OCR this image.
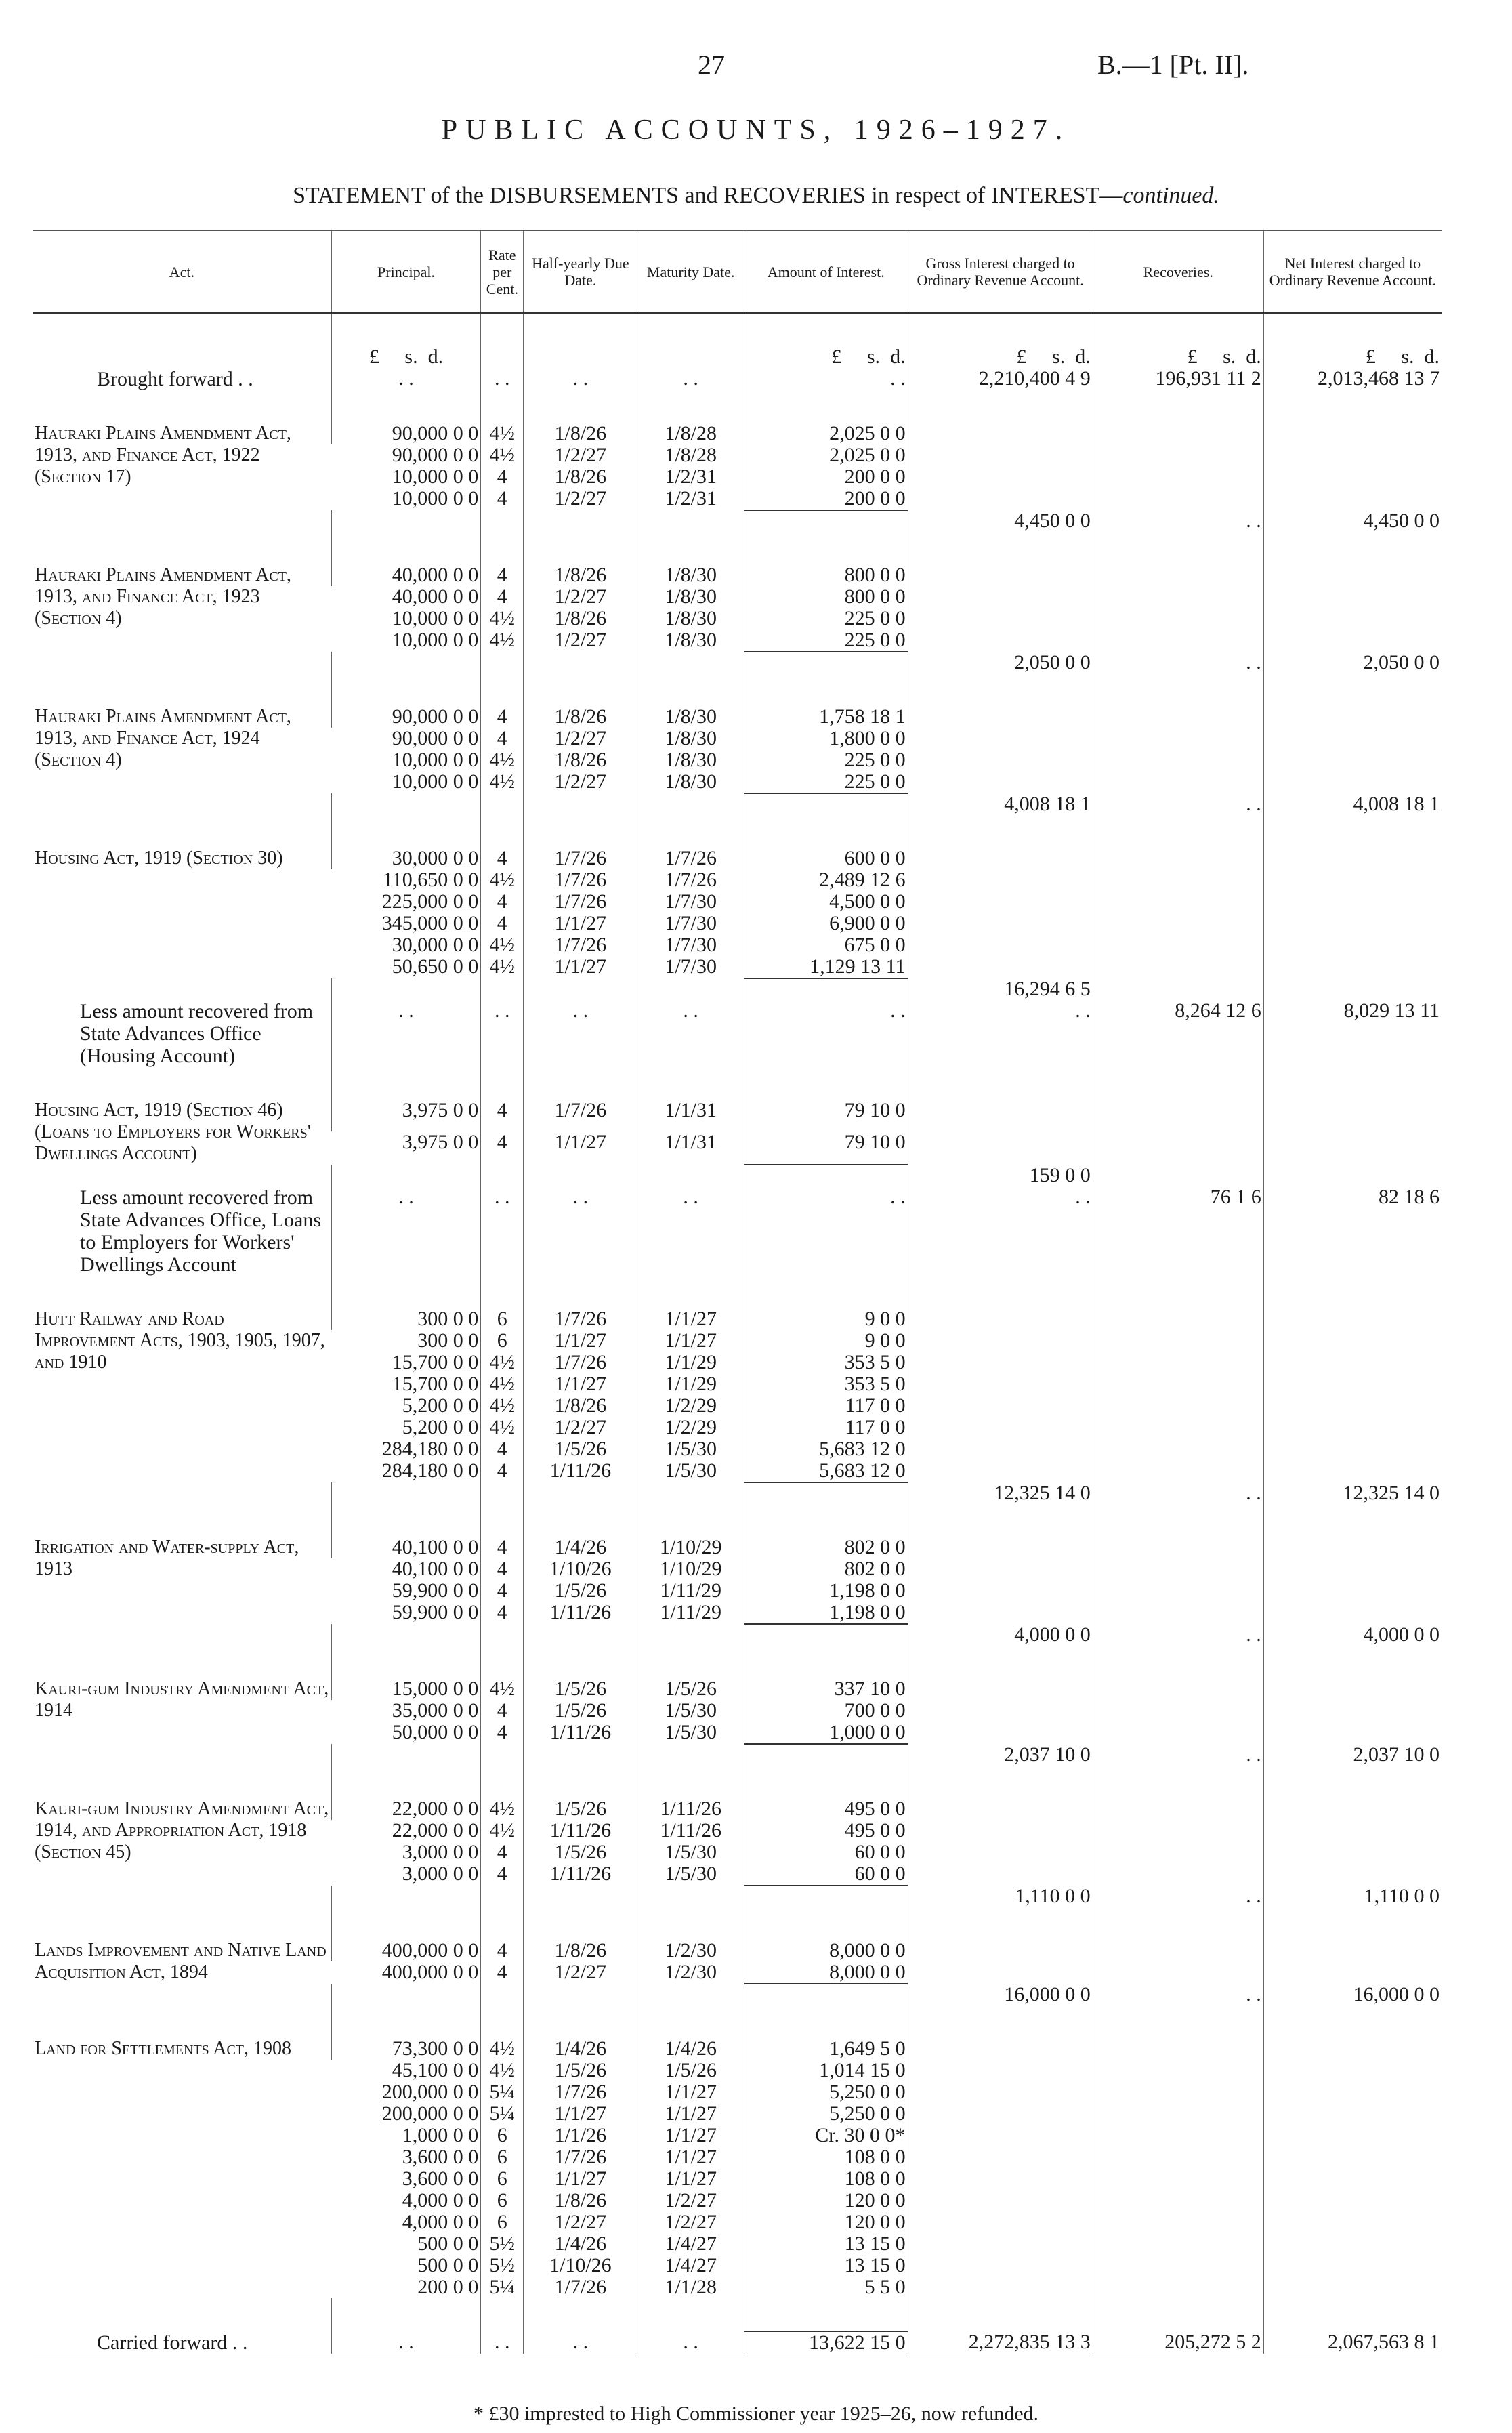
27	B.—1 [Pt. II].
PUBLIC ACCOUNTS, 1926–1927.
STATEMENT of the DISBURSEMENTS and RECOVERIES in respect of INTEREST—continued.
Act.	Principal.	Rate per Cent.	Half-yearly Due Date.	Maturity Date.	Amount of Interest.	Gross Interest charged to Ordinary Revenue Account.	Recoveries.	Net Interest charged to Ordinary Revenue Account.

	£ s. d.				£ s. d.	£ s. d.	£ s. d.	£ s. d.
Brought forward . .	. .	. .	. .	. .	. .	2,210,400 4 9	196,931 11 2	2,013,468 13 7

Hauraki Plains Amendment Act, 1913, and Finance Act, 1922 (Section 17)	90,000 0 0	4½	1/8/26	1/8/28	2,025 0 0			
	90,000 0 0	4½	1/2/27	1/8/28	2,025 0 0			
	10,000 0 0	4	1/8/26	1/2/31	200 0 0			
	10,000 0 0	4	1/2/27	1/2/31	200 0 0			
						4,450 0 0	. .	4,450 0 0

Hauraki Plains Amendment Act, 1913, and Finance Act, 1923 (Section 4)	40,000 0 0	4	1/8/26	1/8/30	800 0 0			
	40,000 0 0	4	1/2/27	1/8/30	800 0 0			
	10,000 0 0	4½	1/8/26	1/8/30	225 0 0			
	10,000 0 0	4½	1/2/27	1/8/30	225 0 0			
						2,050 0 0	. .	2,050 0 0

Hauraki Plains Amendment Act, 1913, and Finance Act, 1924 (Section 4)	90,000 0 0	4	1/8/26	1/8/30	1,758 18 1			
	90,000 0 0	4	1/2/27	1/8/30	1,800 0 0			
	10,000 0 0	4½	1/8/26	1/8/30	225 0 0			
	10,000 0 0	4½	1/2/27	1/8/30	225 0 0			
						4,008 18 1	. .	4,008 18 1

Housing Act, 1919 (Section 30)	30,000 0 0	4	1/7/26	1/7/26	600 0 0			
	110,650 0 0	4½	1/7/26	1/7/26	2,489 12 6			
	225,000 0 0	4	1/7/26	1/7/30	4,500 0 0			
	345,000 0 0	4	1/1/27	1/7/30	6,900 0 0			
	30,000 0 0	4½	1/7/26	1/7/30	675 0 0			
	50,650 0 0	4½	1/1/27	1/7/30	1,129 13 11			
						16,294 6 5		
Less amount recovered from State Advances Office (Housing Account)	. .	. .	. .	. .	. .	. .	8,264 12 6	8,029 13 11

Housing Act, 1919 (Section 46) (Loans to Employers for Workers' Dwellings Account)	3,975 0 0	4	1/7/26	1/1/31	79 10 0			
	3,975 0 0	4	1/1/27	1/1/31	79 10 0			
						159 0 0		
Less amount recovered from State Advances Office, Loans to Employers for Workers' Dwellings Account	. .	. .	. .	. .	. .	. .	76 1 6	82 18 6

Hutt Railway and Road Improvement Acts, 1903, 1905, 1907, and 1910	300 0 0	6	1/7/26	1/1/27	9 0 0			
	300 0 0	6	1/1/27	1/1/27	9 0 0			
	15,700 0 0	4½	1/7/26	1/1/29	353 5 0			
	15,700 0 0	4½	1/1/27	1/1/29	353 5 0			
	5,200 0 0	4½	1/8/26	1/2/29	117 0 0			
	5,200 0 0	4½	1/2/27	1/2/29	117 0 0			
	284,180 0 0	4	1/5/26	1/5/30	5,683 12 0			
	284,180 0 0	4	1/11/26	1/5/30	5,683 12 0			
						12,325 14 0	. .	12,325 14 0

Irrigation and Water-supply Act, 1913	40,100 0 0	4	1/4/26	1/10/29	802 0 0			
	40,100 0 0	4	1/10/26	1/10/29	802 0 0			
	59,900 0 0	4	1/5/26	1/11/29	1,198 0 0			
	59,900 0 0	4	1/11/26	1/11/29	1,198 0 0			
						4,000 0 0	. .	4,000 0 0

Kauri-gum Industry Amendment Act, 1914	15,000 0 0	4½	1/5/26	1/5/26	337 10 0			
	35,000 0 0	4	1/5/26	1/5/30	700 0 0			
	50,000 0 0	4	1/11/26	1/5/30	1,000 0 0			
						2,037 10 0	. .	2,037 10 0

Kauri-gum Industry Amendment Act, 1914, and Appropriation Act, 1918 (Section 45)	22,000 0 0	4½	1/5/26	1/11/26	495 0 0			
	22,000 0 0	4½	1/11/26	1/11/26	495 0 0			
	3,000 0 0	4	1/5/26	1/5/30	60 0 0			
	3,000 0 0	4	1/11/26	1/5/30	60 0 0			
						1,110 0 0	. .	1,110 0 0

Lands Improvement and Native Land Acquisition Act, 1894	400,000 0 0	4	1/8/26	1/2/30	8,000 0 0			
	400,000 0 0	4	1/2/27	1/2/30	8,000 0 0			
						16,000 0 0	. .	16,000 0 0

Land for Settlements Act, 1908	73,300 0 0	4½	1/4/26	1/4/26	1,649 5 0			
	45,100 0 0	4½	1/5/26	1/5/26	1,014 15 0			
	200,000 0 0	5¼	1/7/26	1/1/27	5,250 0 0			
	200,000 0 0	5¼	1/1/27	1/1/27	5,250 0 0			
	1,000 0 0	6	1/1/26	1/1/27	Cr. 30 0 0*			
	3,600 0 0	6	1/7/26	1/1/27	108 0 0			
	3,600 0 0	6	1/1/27	1/1/27	108 0 0			
	4,000 0 0	6	1/8/26	1/2/27	120 0 0			
	4,000 0 0	6	1/2/27	1/2/27	120 0 0			
	500 0 0	5½	1/4/26	1/4/27	13 15 0			
	500 0 0	5½	1/10/26	1/4/27	13 15 0			
	200 0 0	5¼	1/7/26	1/1/28	5 5 0			

Carried forward . .	. .	. .	. .	. .	13,622 15 0	2,272,835 13 3	205,272 5 2	2,067,563 8 1
* £30 imprested to High Commissioner year 1925–26, now refunded.
